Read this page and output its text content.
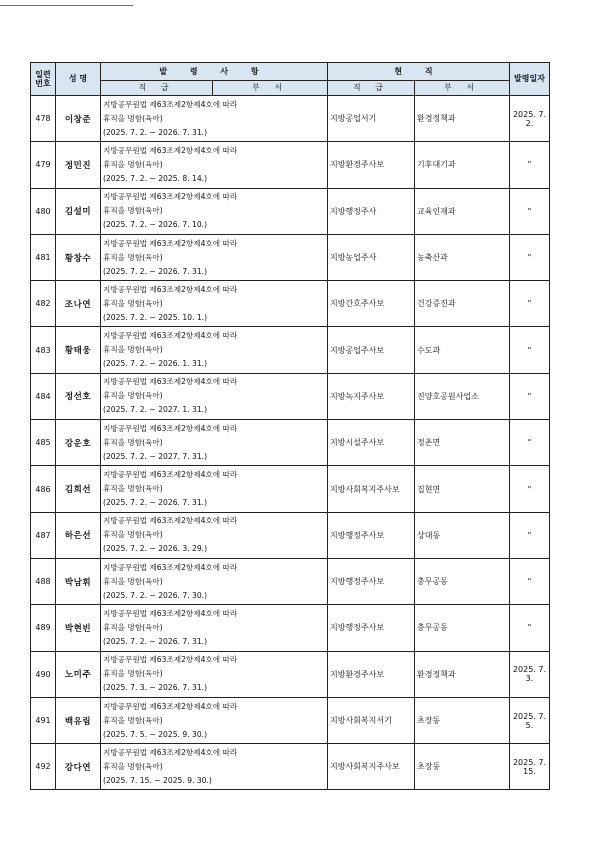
일련
번호	성 명	발 령 사 항		현 직		발령일자
		직 급	부 서	직 급	부 서	
478	이창준	지방공무원법 제63조제2항제4호에 따라
휴직을 명함(육아)
(2025. 7. 2. ~ 2026. 7. 31.)		지방공업서기	환경정책과	2025. 7. 2.
479	정민진	지방공무원법 제63조제2항제4호에 따라
휴직을 명함(육아)
(2025. 7. 2. ~ 2025. 8. 14.)		지방환경주사보	기후대기과	"
480	김설미	지방공무원법 제63조제2항제4호에 따라
휴직을 명함(육아)
(2025. 7. 2. ~ 2026. 7. 10.)		지방행정주사	교육인재과	"
481	황창수	지방공무원법 제63조제2항제4호에 따라
휴직을 명함(육아)
(2025. 7. 2. ~ 2026. 7. 31.)		지방농업주사	농축산과	"
482	조나연	지방공무원법 제63조제2항제4호에 따라
휴직을 명함(육아)
(2025. 7. 2. ~ 2025. 10. 1.)		지방간호주사보	건강증진과	"
483	황태웅	지방공무원법 제63조제2항제4호에 따라
휴직을 명함(육아)
(2025. 7. 2. ~ 2026. 1. 31.)		지방공업주사보	수도과	"
484	정선호	지방공무원법 제63조제2항제4호에 따라
휴직을 명함(육아)
(2025. 7. 2. ~ 2027. 1. 31.)		지방녹지주사보	진양호공원사업소	"
485	강운호	지방공무원법 제63조제2항제4호에 따라
휴직을 명함(육아)
(2025. 7. 2. ~ 2027. 7. 31.)		지방시설주사보	정촌면	"
486	김희선	지방공무원법 제63조제2항제4호에 따라
휴직을 명함(육아)
(2025. 7. 2. ~ 2026. 7. 31.)		지방사회복지주사보	집현면	"
487	하은선	지방공무원법 제63조제2항제4호에 따라
휴직을 명함(육아)
(2025. 7. 2. ~ 2026. 3. 29.)		지방행정주사보	상대동	"
488	박남휘	지방공무원법 제63조제2항제4호에 따라
휴직을 명함(육아)
(2025. 7. 2. ~ 2026. 7. 30.)		지방행정주사보	충무공동	"
489	박현빈	지방공무원법 제63조제2항제4호에 따라
휴직을 명함(육아)
(2025. 7. 2. ~ 2026. 7. 31.)		지방행정주사보	충무공동	"
490	노미주	지방공무원법 제63조제2항제4호에 따라
휴직을 명함(육아)
(2025. 7. 3. ~ 2026. 7. 31.)		지방환경주사보	환경정책과	2025. 7. 3.
491	백유림	지방공무원법 제63조제2항제4호에 따라
휴직을 명함(육아)
(2025. 7. 5. ~ 2025. 9. 30.)		지방사회복지서기	초장동	2025. 7. 5.
492	강다연	지방공무원법 제63조제2항제4호에 따라
휴직을 명함(육아)
(2025. 7. 15. ~ 2025. 9. 30.)		지방사회복지주사보	초장동	2025. 7. 15.
